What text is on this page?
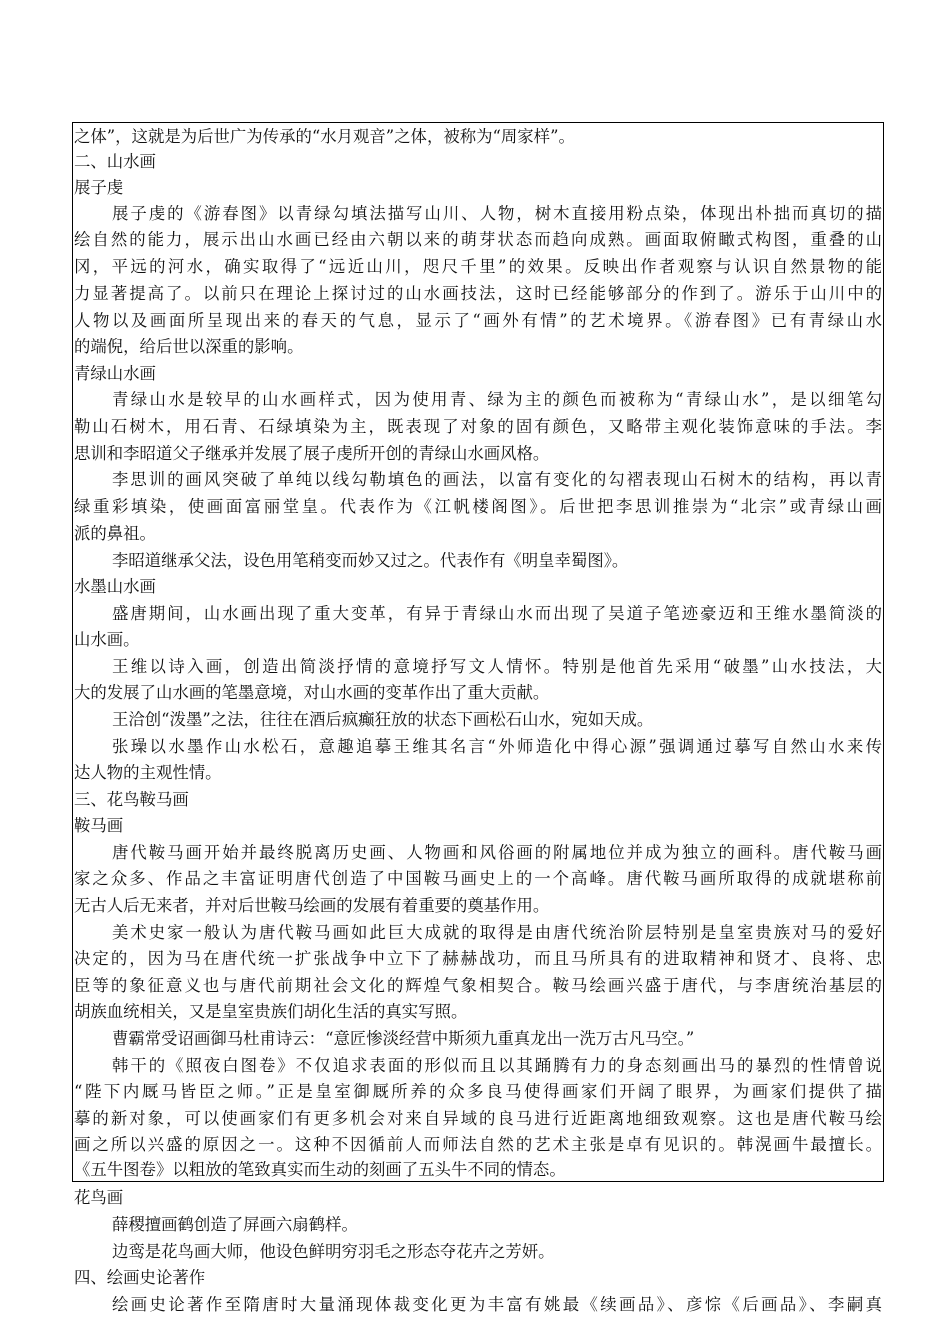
之体”，这就是为后世广为传承的“水月观音”之体，被称为“周家样”。
二、山水画
展子虔
展子虔的《游春图》以青绿勾填法描写山川、人物，树木直接用粉点染，体现出朴拙而真切的描
绘自然的能力，展示出山水画已经由六朝以来的萌芽状态而趋向成熟。画面取俯瞰式构图，重叠的山
冈，平远的河水，确实取得了“远近山川，咫尺千里”的效果。反映出作者观察与认识自然景物的能
力显著提高了。以前只在理论上探讨过的山水画技法，这时已经能够部分的作到了。游乐于山川中的
人物以及画面所呈现出来的春天的气息，显示了“画外有情”的艺术境界。《游春图》已有青绿山水
的端倪，给后世以深重的影响。
青绿山水画
青绿山水是较早的山水画样式，因为使用青、绿为主的颜色而被称为“青绿山水”，是以细笔勾
勒山石树木，用石青、石绿填染为主，既表现了对象的固有颜色，又略带主观化装饰意味的手法。李
思训和李昭道父子继承并发展了展子虔所开创的青绿山水画风格。
李思训的画风突破了单纯以线勾勒填色的画法，以富有变化的勾褶表现山石树木的结构，再以青
绿重彩填染，使画面富丽堂皇。代表作为《江帆楼阁图》。后世把李思训推崇为“北宗”或青绿山画
派的鼻祖。
李昭道继承父法，设色用笔稍变而妙又过之。代表作有《明皇幸蜀图》。
水墨山水画
盛唐期间，山水画出现了重大变革，有异于青绿山水而出现了吴道子笔迹豪迈和王维水墨简淡的
山水画。
王维以诗入画，创造出简淡抒情的意境抒写文人情怀。特别是他首先采用“破墨”山水技法，大
大的发展了山水画的笔墨意境，对山水画的变革作出了重大贡献。
王洽创“泼墨”之法，往往在酒后疯癫狂放的状态下画松石山水，宛如天成。
张璪以水墨作山水松石，意趣追摹王维其名言“外师造化中得心源”强调通过摹写自然山水来传
达人物的主观性情。
三、花鸟鞍马画
鞍马画
唐代鞍马画开始并最终脱离历史画、人物画和风俗画的附属地位并成为独立的画科。唐代鞍马画
家之众多、作品之丰富证明唐代创造了中国鞍马画史上的一个高峰。唐代鞍马画所取得的成就堪称前
无古人后无来者，并对后世鞍马绘画的发展有着重要的奠基作用。
美术史家一般认为唐代鞍马画如此巨大成就的取得是由唐代统治阶层特别是皇室贵族对马的爱好
决定的，因为马在唐代统一扩张战争中立下了赫赫战功，而且马所具有的进取精神和贤才、良将、忠
臣等的象征意义也与唐代前期社会文化的辉煌气象相契合。鞍马绘画兴盛于唐代，与李唐统治基层的
胡族血统相关，又是皇室贵族们胡化生活的真实写照。
曹霸常受诏画御马杜甫诗云：“意匠惨淡经营中斯须九重真龙出一洗万古凡马空。”
韩干的《照夜白图卷》不仅追求表面的形似而且以其踊腾有力的身态刻画出马的暴烈的性情曾说
“陛下内厩马皆臣之师。”正是皇室御厩所养的众多良马使得画家们开阔了眼界，为画家们提供了描
摹的新对象，可以使画家们有更多机会对来自异域的良马进行近距离地细致观察。这也是唐代鞍马绘
画之所以兴盛的原因之一。这种不因循前人而师法自然的艺术主张是卓有见识的。韩滉画牛最擅长。
《五牛图卷》以粗放的笔致真实而生动的刻画了五头牛不同的情态。
花鸟画
薛稷擅画鹤创造了屏画六扇鹤样。
边鸾是花鸟画大师，他设色鲜明穷羽毛之形态夺花卉之芳妍。
四、绘画史论著作
绘画史论著作至隋唐时大量涌现体裁变化更为丰富有姚最《续画品》、彦悰《后画品》、李嗣真
